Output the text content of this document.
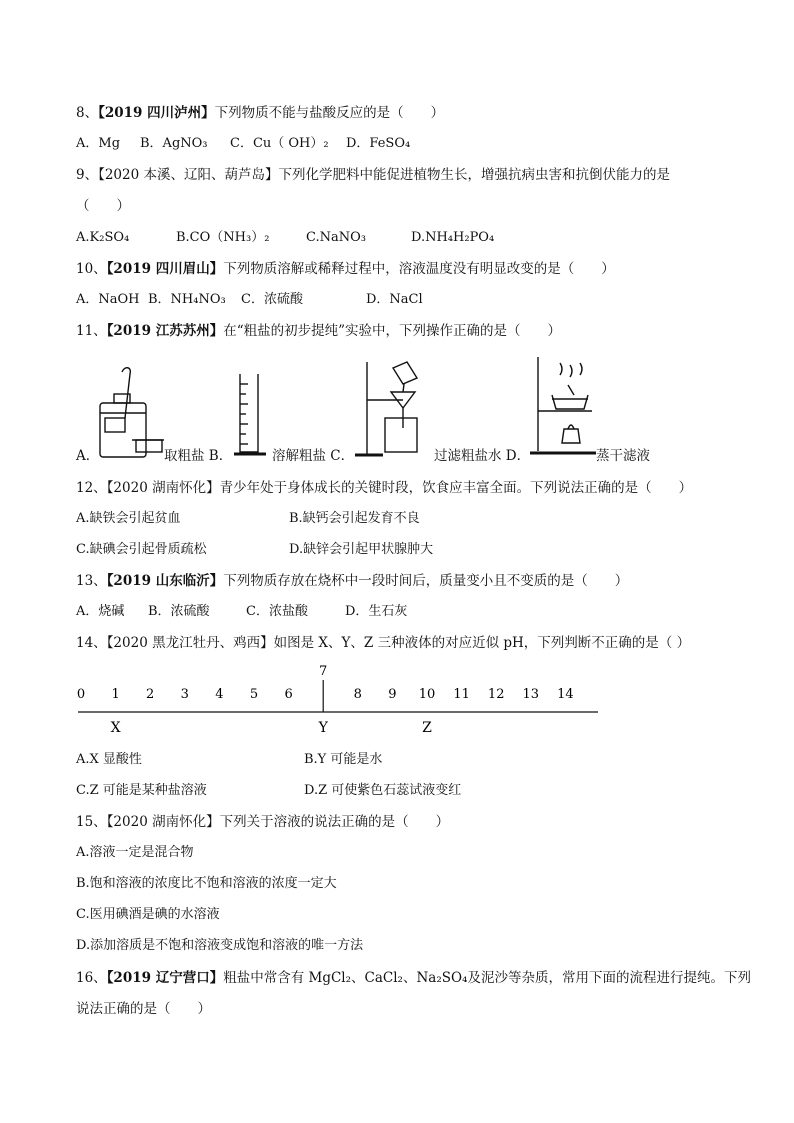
8、【2019 四川泸州】下列物质不能与盐酸反应的是（　　）
A．Mg B．AgNO₃ C．Cu（ OH）₂ D．FeSO₄
9、【2020 本溪、辽阳、葫芦岛】下列化学肥料中能促进植物生长，增强抗病虫害和抗倒伏能力的是
（　　）
A.K₂SO₄	B.CO（NH₃）₂	C.NaNO₃	D.NH₄H₂PO₄
10、【2019 四川眉山】下列物质溶解或稀释过程中，溶液温度没有明显改变的是（　　）
A．NaOH B．NH₄NO₃ C．浓硫酸	D．NaCl
11、【2019 江苏苏州】在“粗盐的初步提纯”实验中，下列操作正确的是（　　）
A．	取粗盐 B．	溶解粗盐 C．	过滤粗盐水 D．	蒸干滤液
12、【2020 湖南怀化】青少年处于身体成长的关键时段，饮食应丰富全面。下列说法正确的是（　　）
A.缺铁会引起贫血	B.缺钙会引起发育不良
C.缺碘会引起骨质疏松	D.缺锌会引起甲状腺肿大
13、【2019 山东临沂】下列物质存放在烧杯中一段时间后，质量变小且不变质的是（　　）
A．烧碱 B．浓硫酸	C．浓盐酸	D．生石灰
14、【2020 黑龙江牡丹、鸡西】如图是 X、Y、Z 三种液体的对应近似 pH，下列判断不正确的是（ ）
7
0 1 2 3 4 5 6	8 9 10 11 12 13 14
X	Y	Z
A.X 显酸性	B.Y 可能是水
C.Z 可能是某种盐溶液	D.Z 可使紫色石蕊试液变红
15、【2020 湖南怀化】下列关于溶液的说法正确的是（　　）
A.溶液一定是混合物
B.饱和溶液的浓度比不饱和溶液的浓度一定大
C.医用碘酒是碘的水溶液
D.添加溶质是不饱和溶液变成饱和溶液的唯一方法
16、【2019 辽宁营口】粗盐中常含有 MgCl₂、CaCl₂、Na₂SO₄及泥沙等杂质，常用下面的流程进行提纯。下列
说法正确的是（　　）
